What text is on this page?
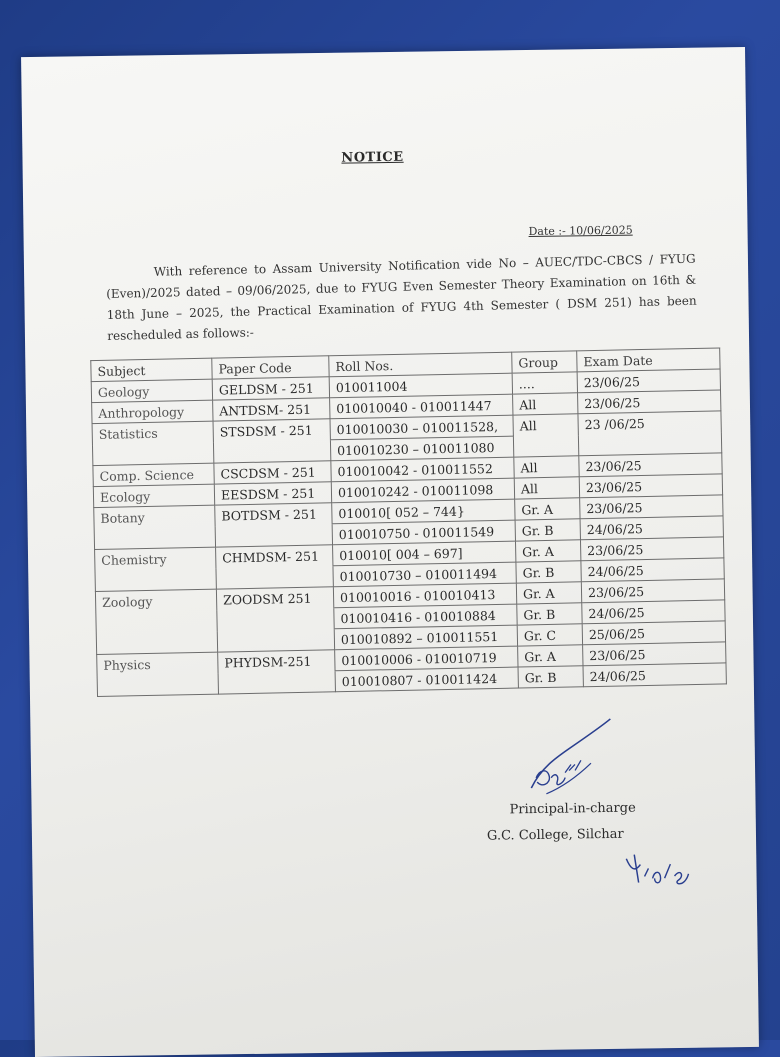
NOTICE
Date :- 10/06/2025
With reference to Assam University Notification vide No – AUEC/TDC-CBCS / FYUG (Even)/2025 dated – 09/06/2025, due to FYUG Even Semester Theory Examination on 16th & 18th June – 2025, the Practical Examination of FYUG 4th Semester ( DSM 251) has been rescheduled as follows:-
Subject	Paper Code	Roll Nos.	Group	Exam Date
Geology	GELDSM - 251	010011004	....	23/06/25
Anthropology	ANTDSM- 251	010010040 - 010011447	All	23/06/25
Statistics	STSDSM - 251	010010030 – 010011528,	All	23 /06/25
		010010230 – 010011080		
Comp. Science	CSCDSM - 251	010010042 - 010011552	All	23/06/25
Ecology	EESDSM - 251	010010242 - 010011098	All	23/06/25
Botany	BOTDSM - 251	010010[ 052 – 744}	Gr. A	23/06/25
		010010750 - 010011549	Gr. B	24/06/25
Chemistry	CHMDSM- 251	010010[ 004 – 697]	Gr. A	23/06/25
		010010730 – 010011494	Gr. B	24/06/25
Zoology	ZOODSM 251	010010016 - 010010413	Gr. A	23/06/25
		010010416 - 010010884	Gr. B	24/06/25
		010010892 – 010011551	Gr. C	25/06/25
Physics	PHYDSM-251	010010006 - 010010719	Gr. A	23/06/25
		010010807 - 010011424	Gr. B	24/06/25
Principal-in-charge
G.C. College, Silchar
